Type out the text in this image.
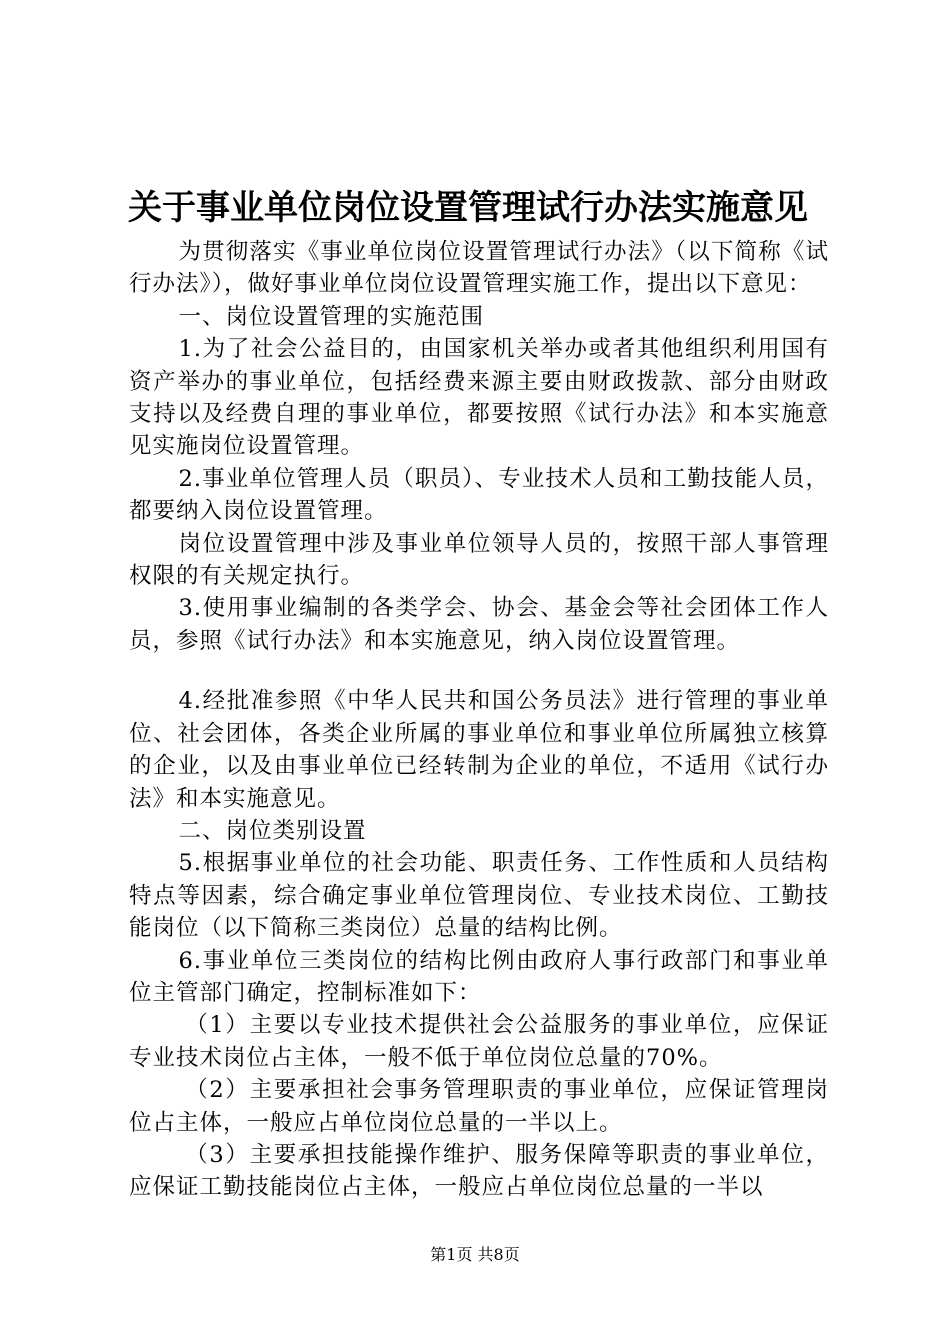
关于事业单位岗位设置管理试行办法实施意见

为贯彻落实《事业单位岗位设置管理试行办法》（以下简称《试行办法》），做好事业单位岗位设置管理实施工作，提出以下意见：

一、岗位设置管理的实施范围

1.为了社会公益目的，由国家机关举办或者其他组织利用国有资产举办的事业单位，包括经费来源主要由财政拨款、部分由财政支持以及经费自理的事业单位，都要按照《试行办法》和本实施意见实施岗位设置管理。

2.事业单位管理人员（职员）、专业技术人员和工勤技能人员，都要纳入岗位设置管理。

岗位设置管理中涉及事业单位领导人员的，按照干部人事管理权限的有关规定执行。

3.使用事业编制的各类学会、协会、基金会等社会团体工作人员，参照《试行办法》和本实施意见，纳入岗位设置管理。

4.经批准参照《中华人民共和国公务员法》进行管理的事业单位、社会团体，各类企业所属的事业单位和事业单位所属独立核算的企业，以及由事业单位已经转制为企业的单位，不适用《试行办法》和本实施意见。

二、岗位类别设置

5.根据事业单位的社会功能、职责任务、工作性质和人员结构特点等因素，综合确定事业单位管理岗位、专业技术岗位、工勤技能岗位（以下简称三类岗位）总量的结构比例。

6.事业单位三类岗位的结构比例由政府人事行政部门和事业单位主管部门确定，控制标准如下：

（1）主要以专业技术提供社会公益服务的事业单位，应保证专业技术岗位占主体，一般不低于单位岗位总量的70%。

（2）主要承担社会事务管理职责的事业单位，应保证管理岗位占主体，一般应占单位岗位总量的一半以上。

（3）主要承担技能操作维护、服务保障等职责的事业单位，应保证工勤技能岗位占主体，一般应占单位岗位总量的一半以

第1页 共8页
